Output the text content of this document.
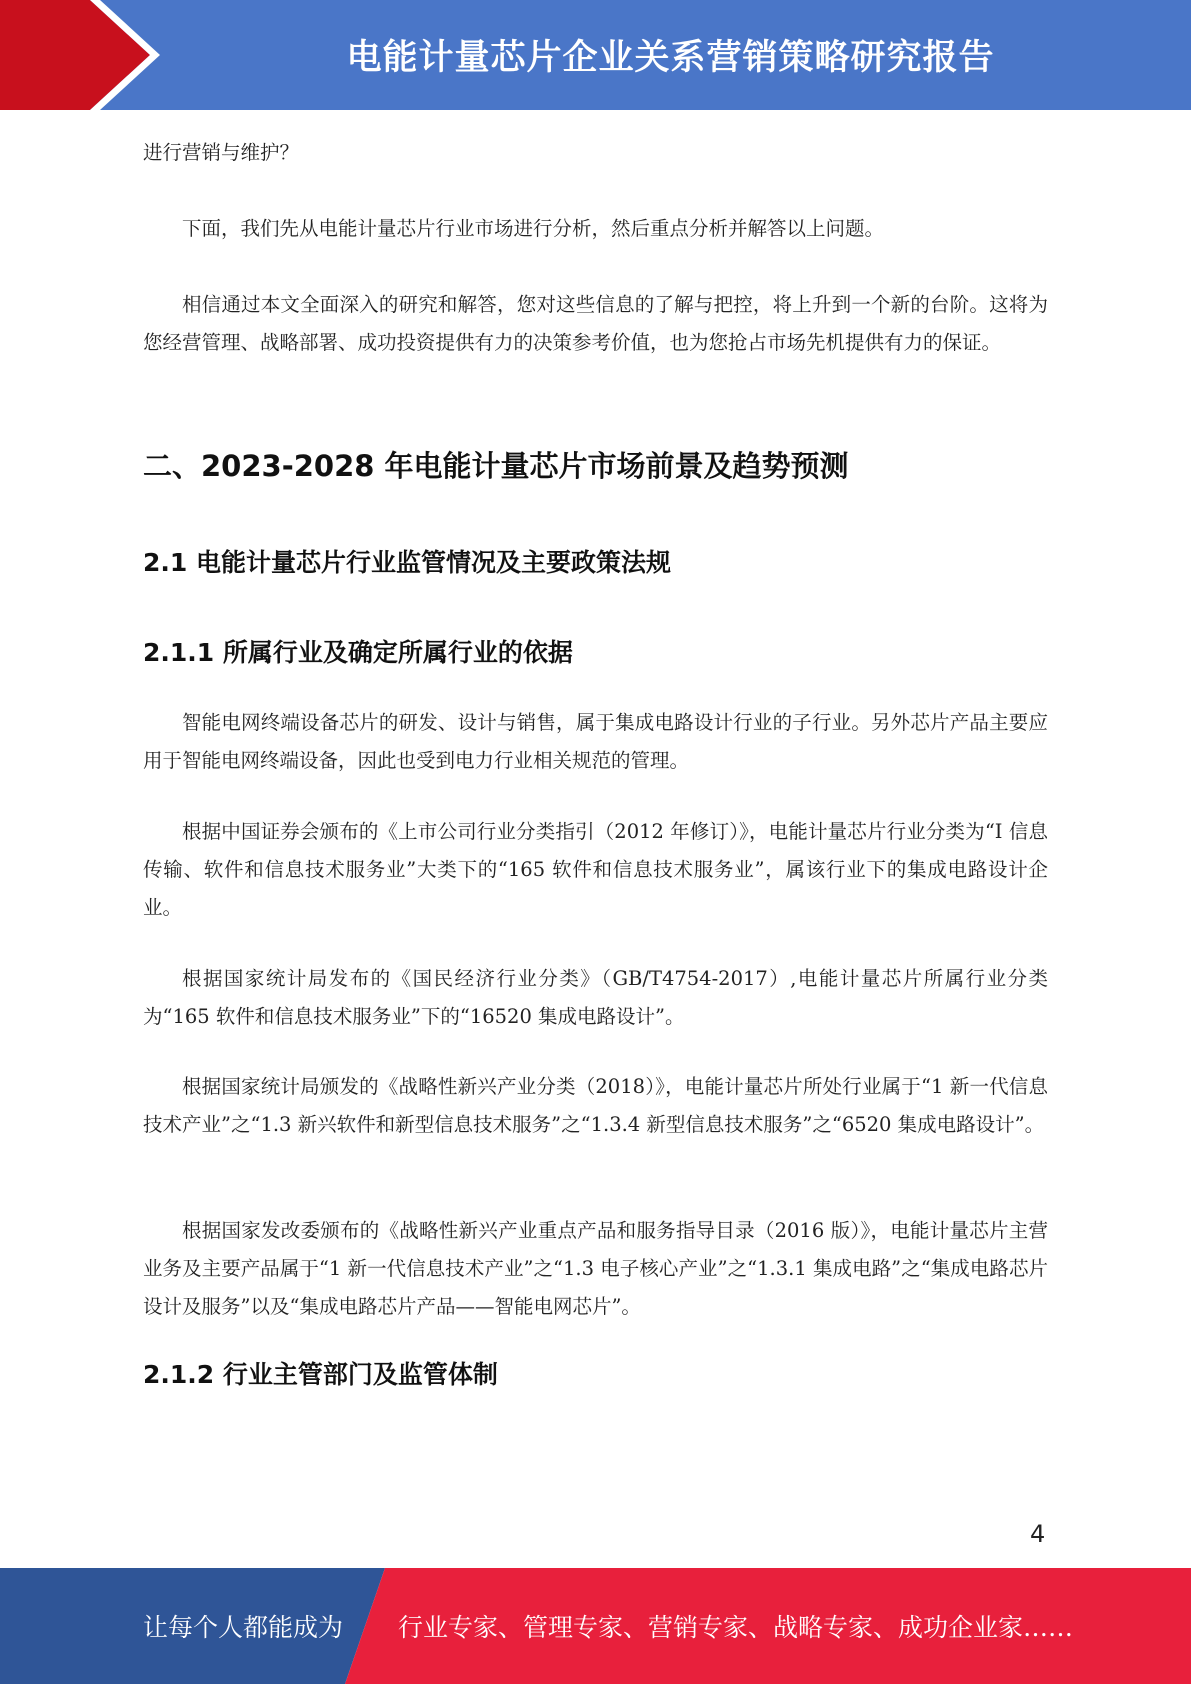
电能计量芯片企业关系营销策略研究报告

进行营销与维护？

下面，我们先从电能计量芯片行业市场进行分析，然后重点分析并解答以上问题。

相信通过本文全面深入的研究和解答，您对这些信息的了解与把控，将上升到一个新的台阶。这将为您经营管理、战略部署、成功投资提供有力的决策参考价值，也为您抢占市场先机提供有力的保证。

二、2023-2028 年电能计量芯片市场前景及趋势预测
2.1 电能计量芯片行业监管情况及主要政策法规
2.1.1 所属行业及确定所属行业的依据

智能电网终端设备芯片的研发、设计与销售，属于集成电路设计行业的子行业。另外芯片产品主要应用于智能电网终端设备，因此也受到电力行业相关规范的管理。

根据中国证券会颁布的《上市公司行业分类指引（2012 年修订）》，电能计量芯片行业分类为“I 信息传输、软件和信息技术服务业”大类下的“165 软件和信息技术服务业”，属该行业下的集成电路设计企业。

根据国家统计局发布的《国民经济行业分类》（GB/T4754-2017）,电能计量芯片所属行业分类为“165 软件和信息技术服务业”下的“16520 集成电路设计”。

根据国家统计局颁发的《战略性新兴产业分类（2018）》，电能计量芯片所处行业属于“1 新一代信息技术产业”之“1.3 新兴软件和新型信息技术服务”之“1.3.4 新型信息技术服务”之“6520 集成电路设计”。

根据国家发改委颁布的《战略性新兴产业重点产品和服务指导目录（2016 版）》，电能计量芯片主营业务及主要产品属于“1 新一代信息技术产业”之“1.3 电子核心产业”之“1.3.1 集成电路”之“集成电路芯片设计及服务”以及“集成电路芯片产品——智能电网芯片”。

2.1.2 行业主管部门及监管体制
4
让每个人都能成为 行业专家、管理专家、营销专家、战略专家、成功企业家……
